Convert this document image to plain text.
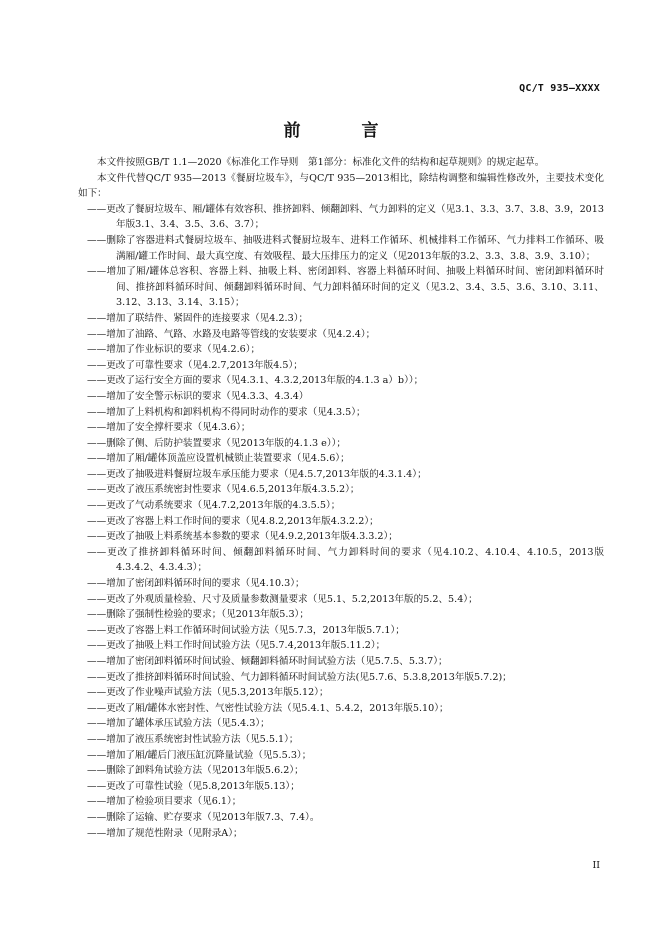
QC/T 935—XXXX
前　言

本文件按照GB/T 1.1—2020《标准化工作导则　第1部分：标准化文件的结构和起草规则》的规定起草。

本文件代替QC/T 935—2013《餐厨垃圾车》，与QC/T 935—2013相比，除结构调整和编辑性修改外，主要技术变化如下：

——更改了餐厨垃圾车、厢/罐体有效容积、推挤卸料、倾翻卸料、气力卸料的定义（见3.1、3.3、3.7、3.8、3.9，2013年版3.1、3.4、3.5、3.6、3.7）；

——删除了容器进料式餐厨垃圾车、抽吸进料式餐厨垃圾车、进料工作循环、机械排料工作循环、气力排料工作循环、吸满厢/罐工作时间、最大真空度、有效吸程、最大压排压力的定义（见2013年版的3.2、3.3、3.8、3.9、3.10）；

——增加了厢/罐体总容积、容器上料、抽吸上料、密闭卸料、容器上料循环时间、抽吸上料循环时间、密闭卸料循环时间、推挤卸料循环时间、倾翻卸料循环时间、气力卸料循环时间的定义（见3.2、3.4、3.5、3.6、3.10、3.11、3.12、3.13、3.14、3.15）；

——增加了联结件、紧固件的连接要求（见4.2.3）；

——增加了油路、气路、水路及电路等管线的安装要求（见4.2.4）；

——增加了作业标识的要求（见4.2.6）；

——更改了可靠性要求（见4.2.7,2013年版4.5）；

——更改了运行安全方面的要求（见4.3.1、4.3.2,2013年版的4.1.3 a）b））；

——增加了安全警示标识的要求（见4.3.3、4.3.4）

——增加了上料机构和卸料机构不得同时动作的要求（见4.3.5）；

——增加了安全撑杆要求（见4.3.6）；

——删除了侧、后防护装置要求（见2013年版的4.1.3 e））；

——增加了厢/罐体顶盖应设置机械锁止装置要求（见4.5.6）；

——更改了抽吸进料餐厨垃圾车承压能力要求（见4.5.7,2013年版的4.3.1.4）；

——更改了液压系统密封性要求（见4.6.5,2013年版4.3.5.2）；

——更改了气动系统要求（见4.7.2,2013年版的4.3.5.5）；

——更改了容器上料工作时间的要求（见4.8.2,2013年版4.3.2.2）；

——更改了抽吸上料系统基本参数的要求（见4.9.2,2013年版4.3.3.2）；

——更改了推挤卸料循环时间、倾翻卸料循环时间、气力卸料时间的要求（见4.10.2、4.10.4、4.10.5，2013版4.3.4.2、4.3.4.3）；

——增加了密闭卸料循环时间的要求（见4.10.3）；

——更改了外观质量检验、尺寸及质量参数测量要求（见5.1、5.2,2013年版的5.2、5.4）；

——删除了强制性检验的要求；（见2013年版5.3）；

——更改了容器上料工作循环时间试验方法（见5.7.3，2013年版5.7.1）；

——更改了抽吸上料工作时间试验方法（见5.7.4,2013年版5.11.2）；

——增加了密闭卸料循环时间试验、倾翻卸料循环时间试验方法（见5.7.5、5.3.7）；

——更改了推挤卸料循环时间试验、气力卸料循环时间试验方法(见5.7.6、5.3.8,2013年版5.7.2)；

——更改了作业噪声试验方法（见5.3,2013年版5.12）；

——更改了厢/罐体水密封性、气密性试验方法（见5.4.1、5.4.2，2013年版5.10）；

——增加了罐体承压试验方法（见5.4.3）；

——增加了液压系统密封性试验方法（见5.5.1）；

——增加了厢/罐后门液压缸沉降量试验（见5.5.3）；

——删除了卸料角试验方法（见2013年版5.6.2）；

——更改了可靠性试验（见5.8,2013年版5.13）；

——增加了检验项目要求（见6.1）；

——删除了运输、贮存要求（见2013年版7.3、7.4）。

——增加了规范性附录（见附录A）；

II
